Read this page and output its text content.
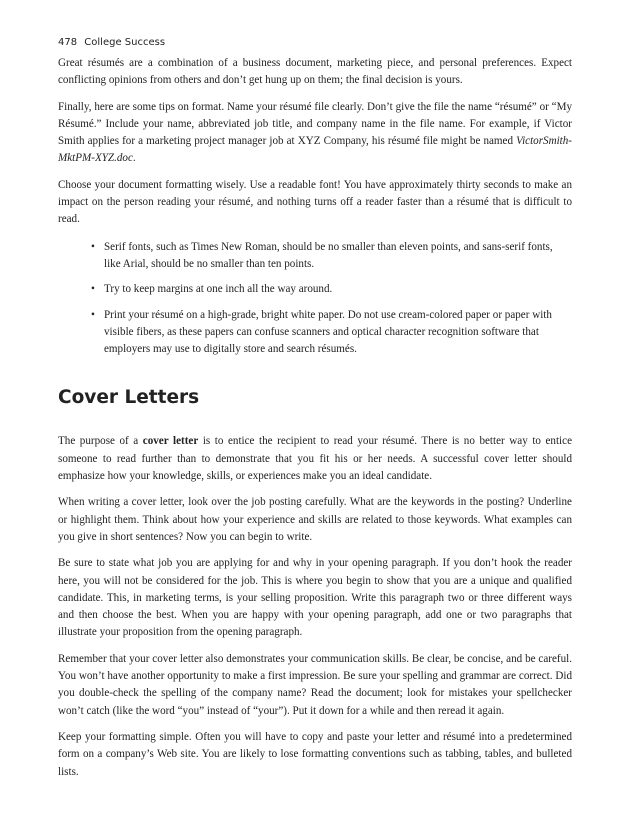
478 College Success

Great résumés are a combination of a business document, marketing piece, and personal preferences. Expect conflicting opinions from others and don’t get hung up on them; the final decision is yours.

Finally, here are some tips on format. Name your résumé file clearly. Don’t give the file the name “résumé” or “My Résumé.” Include your name, abbreviated job title, and company name in the file name. For example, if Victor Smith applies for a marketing project manager job at XYZ Company, his résumé file might be named VictorSmith-MktPM-XYZ.doc.

Choose your document formatting wisely. Use a readable font! You have approximately thirty seconds to make an impact on the person reading your résumé, and nothing turns off a reader faster than a résumé that is difficult to read.

• Serif fonts, such as Times New Roman, should be no smaller than eleven points, and sans-serif fonts, like Arial, should be no smaller than ten points.
• Try to keep margins at one inch all the way around.
• Print your résumé on a high-grade, bright white paper. Do not use cream-colored paper or paper with visible fibers, as these papers can confuse scanners and optical character recognition software that employers may use to digitally store and search résumés.
Cover Letters

The purpose of a cover letter is to entice the recipient to read your résumé. There is no better way to entice someone to read further than to demonstrate that you fit his or her needs. A successful cover letter should emphasize how your knowledge, skills, or experiences make you an ideal candidate.

When writing a cover letter, look over the job posting carefully. What are the keywords in the posting? Underline or highlight them. Think about how your experience and skills are related to those keywords. What examples can you give in short sentences? Now you can begin to write.

Be sure to state what job you are applying for and why in your opening paragraph. If you don’t hook the reader here, you will not be considered for the job. This is where you begin to show that you are a unique and qualified candidate. This, in marketing terms, is your selling proposition. Write this paragraph two or three different ways and then choose the best. When you are happy with your opening paragraph, add one or two paragraphs that illustrate your proposition from the opening paragraph.

Remember that your cover letter also demonstrates your communication skills. Be clear, be concise, and be careful. You won’t have another opportunity to make a first impression. Be sure your spelling and grammar are correct. Did you double-check the spelling of the company name? Read the document; look for mistakes your spellchecker won’t catch (like the word “you” instead of “your”). Put it down for a while and then reread it again.

Keep your formatting simple. Often you will have to copy and paste your letter and résumé into a predetermined form on a company’s Web site. You are likely to lose formatting conventions such as tabbing, tables, and bulleted lists.
